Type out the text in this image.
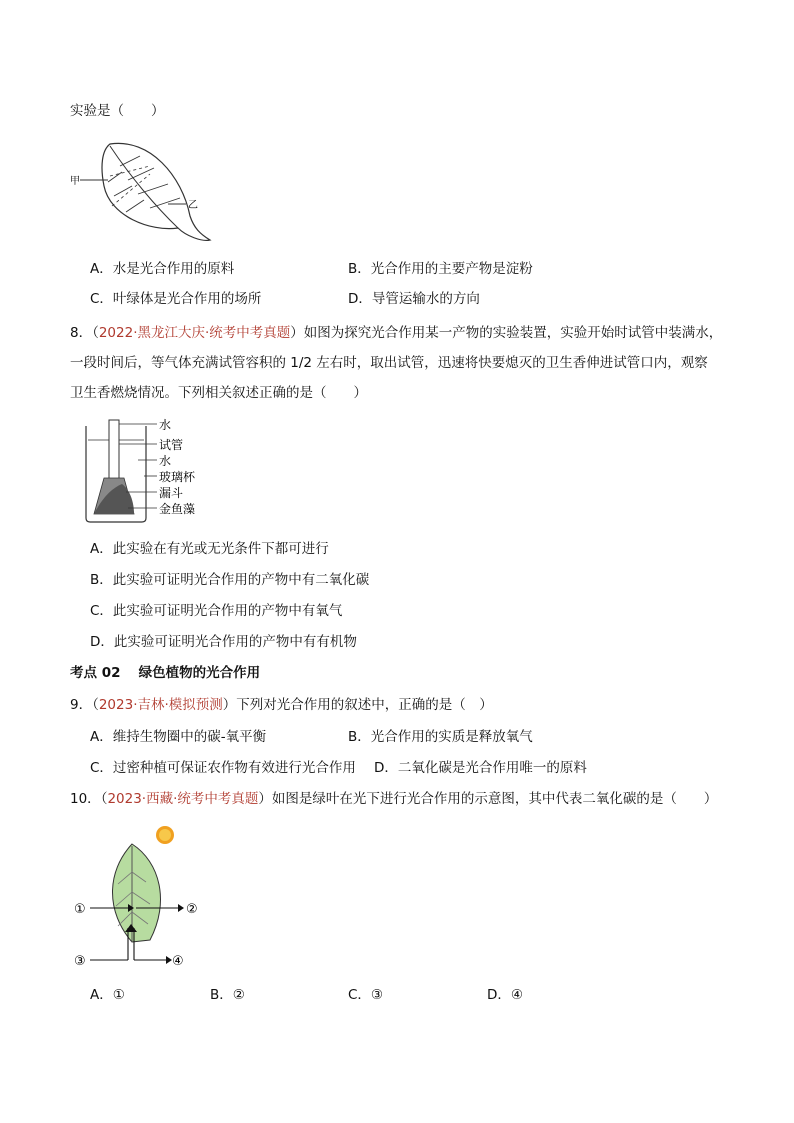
实验是（　　）
甲
乙
A．水是光合作用的原料	B．光合作用的主要产物是淀粉
C．叶绿体是光合作用的场所	D．导管运输水的方向
8．（2022·黑龙江大庆·统考中考真题）如图为探究光合作用某一产物的实验装置，实验开始时试管中装满水，
一段时间后，等气体充满试管容积的 1/2 左右时，取出试管，迅速将快要熄灭的卫生香伸进试管口内，观察
卫生香燃烧情况。下列相关叙述正确的是（　　）
水
试管
水
玻璃杯
漏斗
金鱼藻
A．此实验在有光或无光条件下都可进行
B．此实验可证明光合作用的产物中有二氧化碳
C．此实验可证明光合作用的产物中有氧气
D．此实验可证明光合作用的产物中有有机物
考点 02　 绿色植物的光合作用
9．（2023·吉林·模拟预测）下列对光合作用的叙述中，正确的是（　）
A．维持生物圈中的碳-氧平衡	B．光合作用的实质是释放氧气
C．过密种植可保证农作物有效进行光合作用 D．二氧化碳是光合作用唯一的原料
10．（2023·西藏·统考中考真题）如图是绿叶在光下进行光合作用的示意图，其中代表二氧化碳的是（　　）
①	②
③	④
A．①	B．②	C．③	D．④
